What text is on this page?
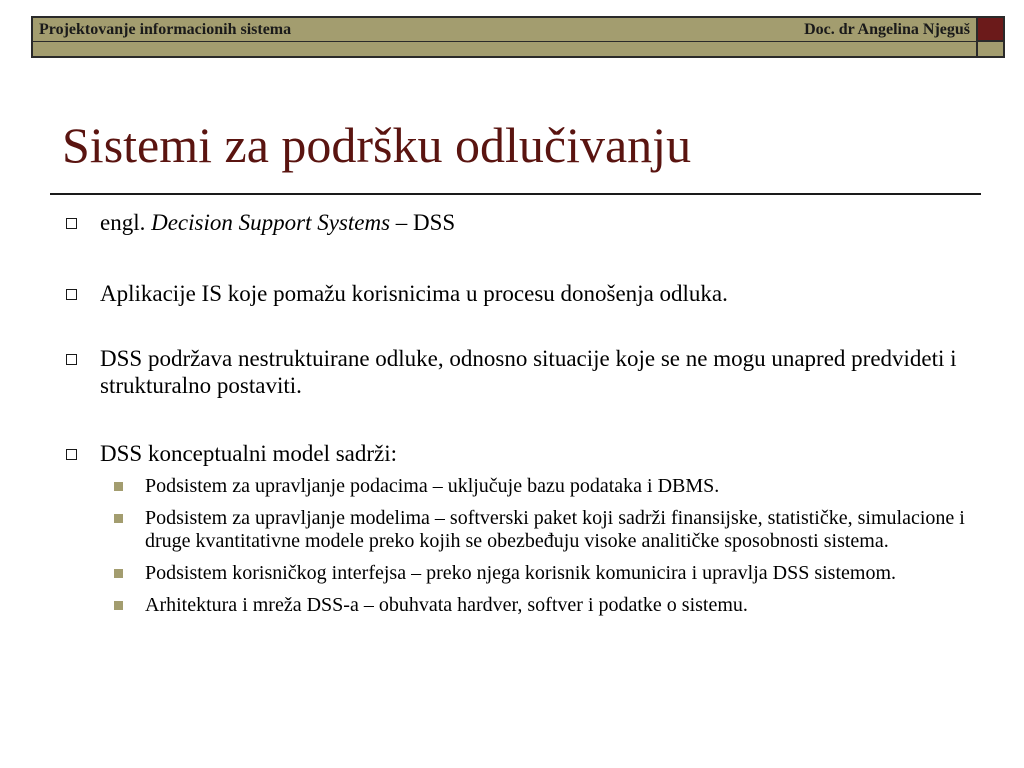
Projektovanje informacionih sistema	Doc. dr Angelina Njeguš
Sistemi za podršku odlučivanju
engl. Decision Support Systems – DSS
Aplikacije IS koje pomažu korisnicima u procesu donošenja odluka.
DSS podržava nestruktuirane odluke, odnosno situacije koje se ne mogu unapred predvideti i strukturalno postaviti.
DSS konceptualni model sadrži:
Podsistem za upravljanje podacima – uključuje bazu podataka i DBMS.
Podsistem za upravljanje modelima – softverski paket koji sadrži finansijske, statističke, simulacione i druge kvantitativne modele preko kojih se obezbeđuju visoke analitičke sposobnosti sistema.
Podsistem korisničkog interfejsa – preko njega korisnik komunicira i upravlja DSS sistemom.
Arhitektura i mreža DSS-a – obuhvata hardver, softver i podatke o sistemu.
